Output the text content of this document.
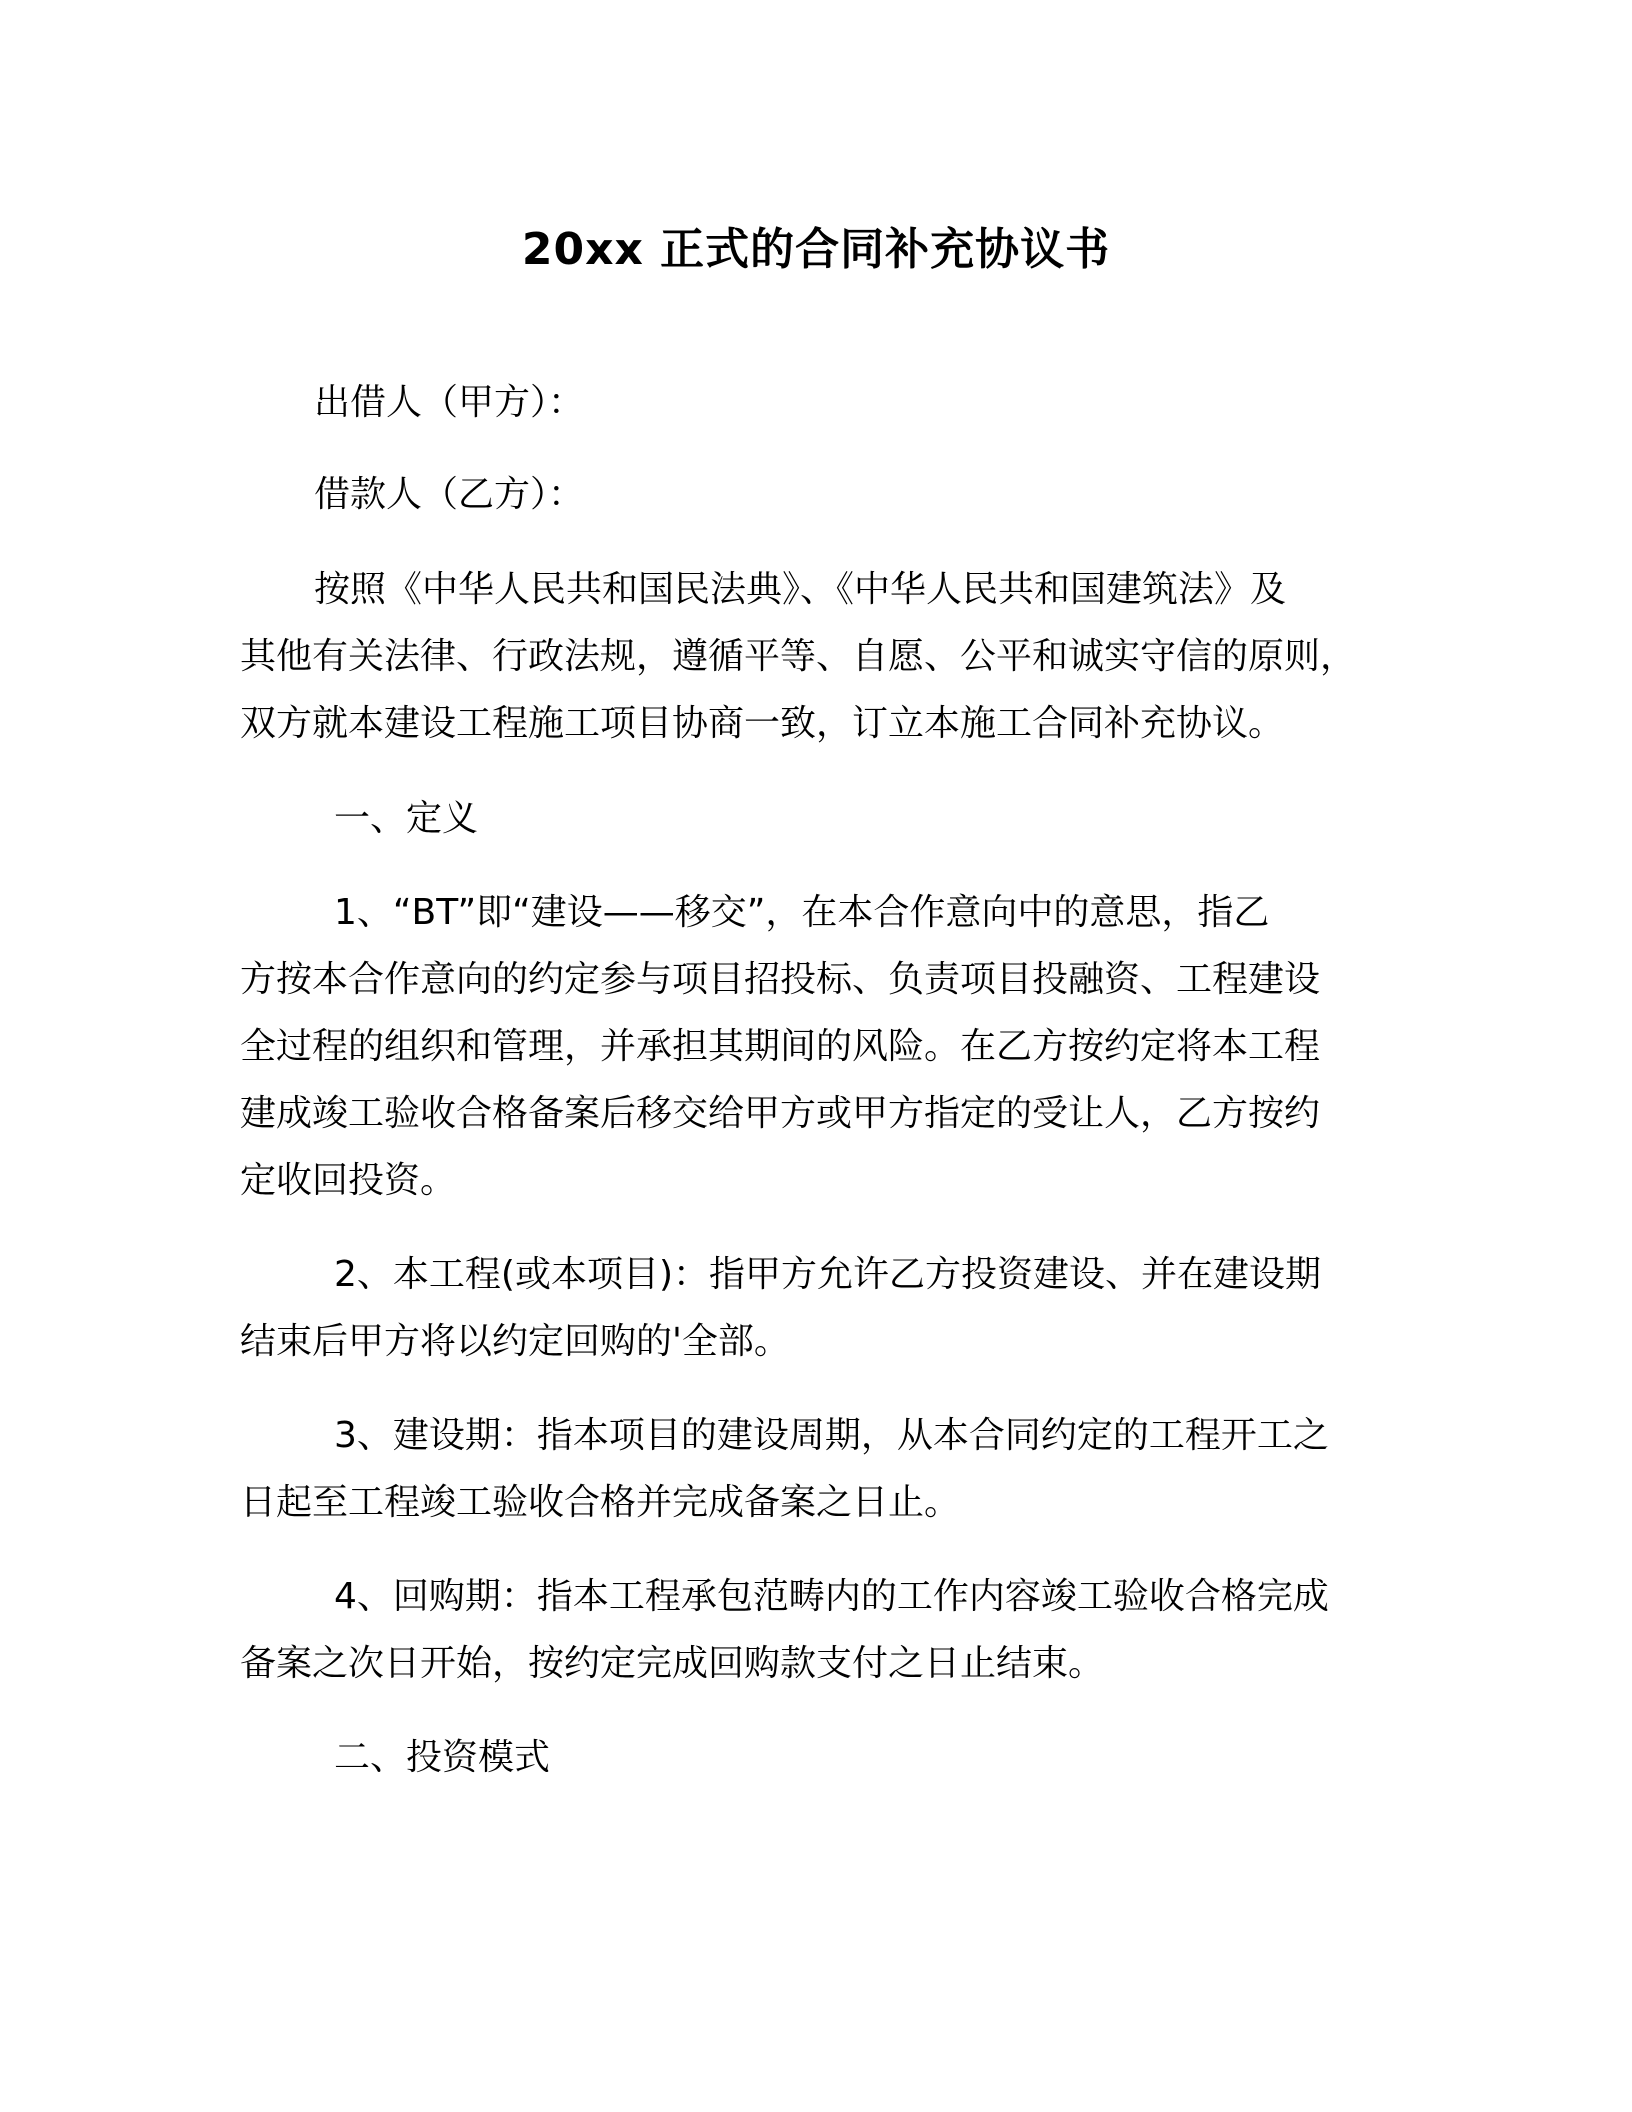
20xx 正式的合同补充协议书
出借人（甲方）：
借款人（乙方）：
按照《中华人民共和国民法典》、《中华人民共和国建筑法》及
其他有关法律、行政法规，遵循平等、自愿、公平和诚实守信的原则，
双方就本建设工程施工项目协商一致，订立本施工合同补充协议。
一、定义
1、“BT”即“建设——移交”，在本合作意向中的意思，指乙
方按本合作意向的约定参与项目招投标、负责项目投融资、工程建设
全过程的组织和管理，并承担其期间的风险。在乙方按约定将本工程
建成竣工验收合格备案后移交给甲方或甲方指定的受让人，乙方按约
定收回投资。
2、本工程(或本项目)：指甲方允许乙方投资建设、并在建设期
结束后甲方将以约定回购的'全部。
3、建设期：指本项目的建设周期，从本合同约定的工程开工之
日起至工程竣工验收合格并完成备案之日止。
4、回购期：指本工程承包范畴内的工作内容竣工验收合格完成
备案之次日开始，按约定完成回购款支付之日止结束。
二、投资模式
